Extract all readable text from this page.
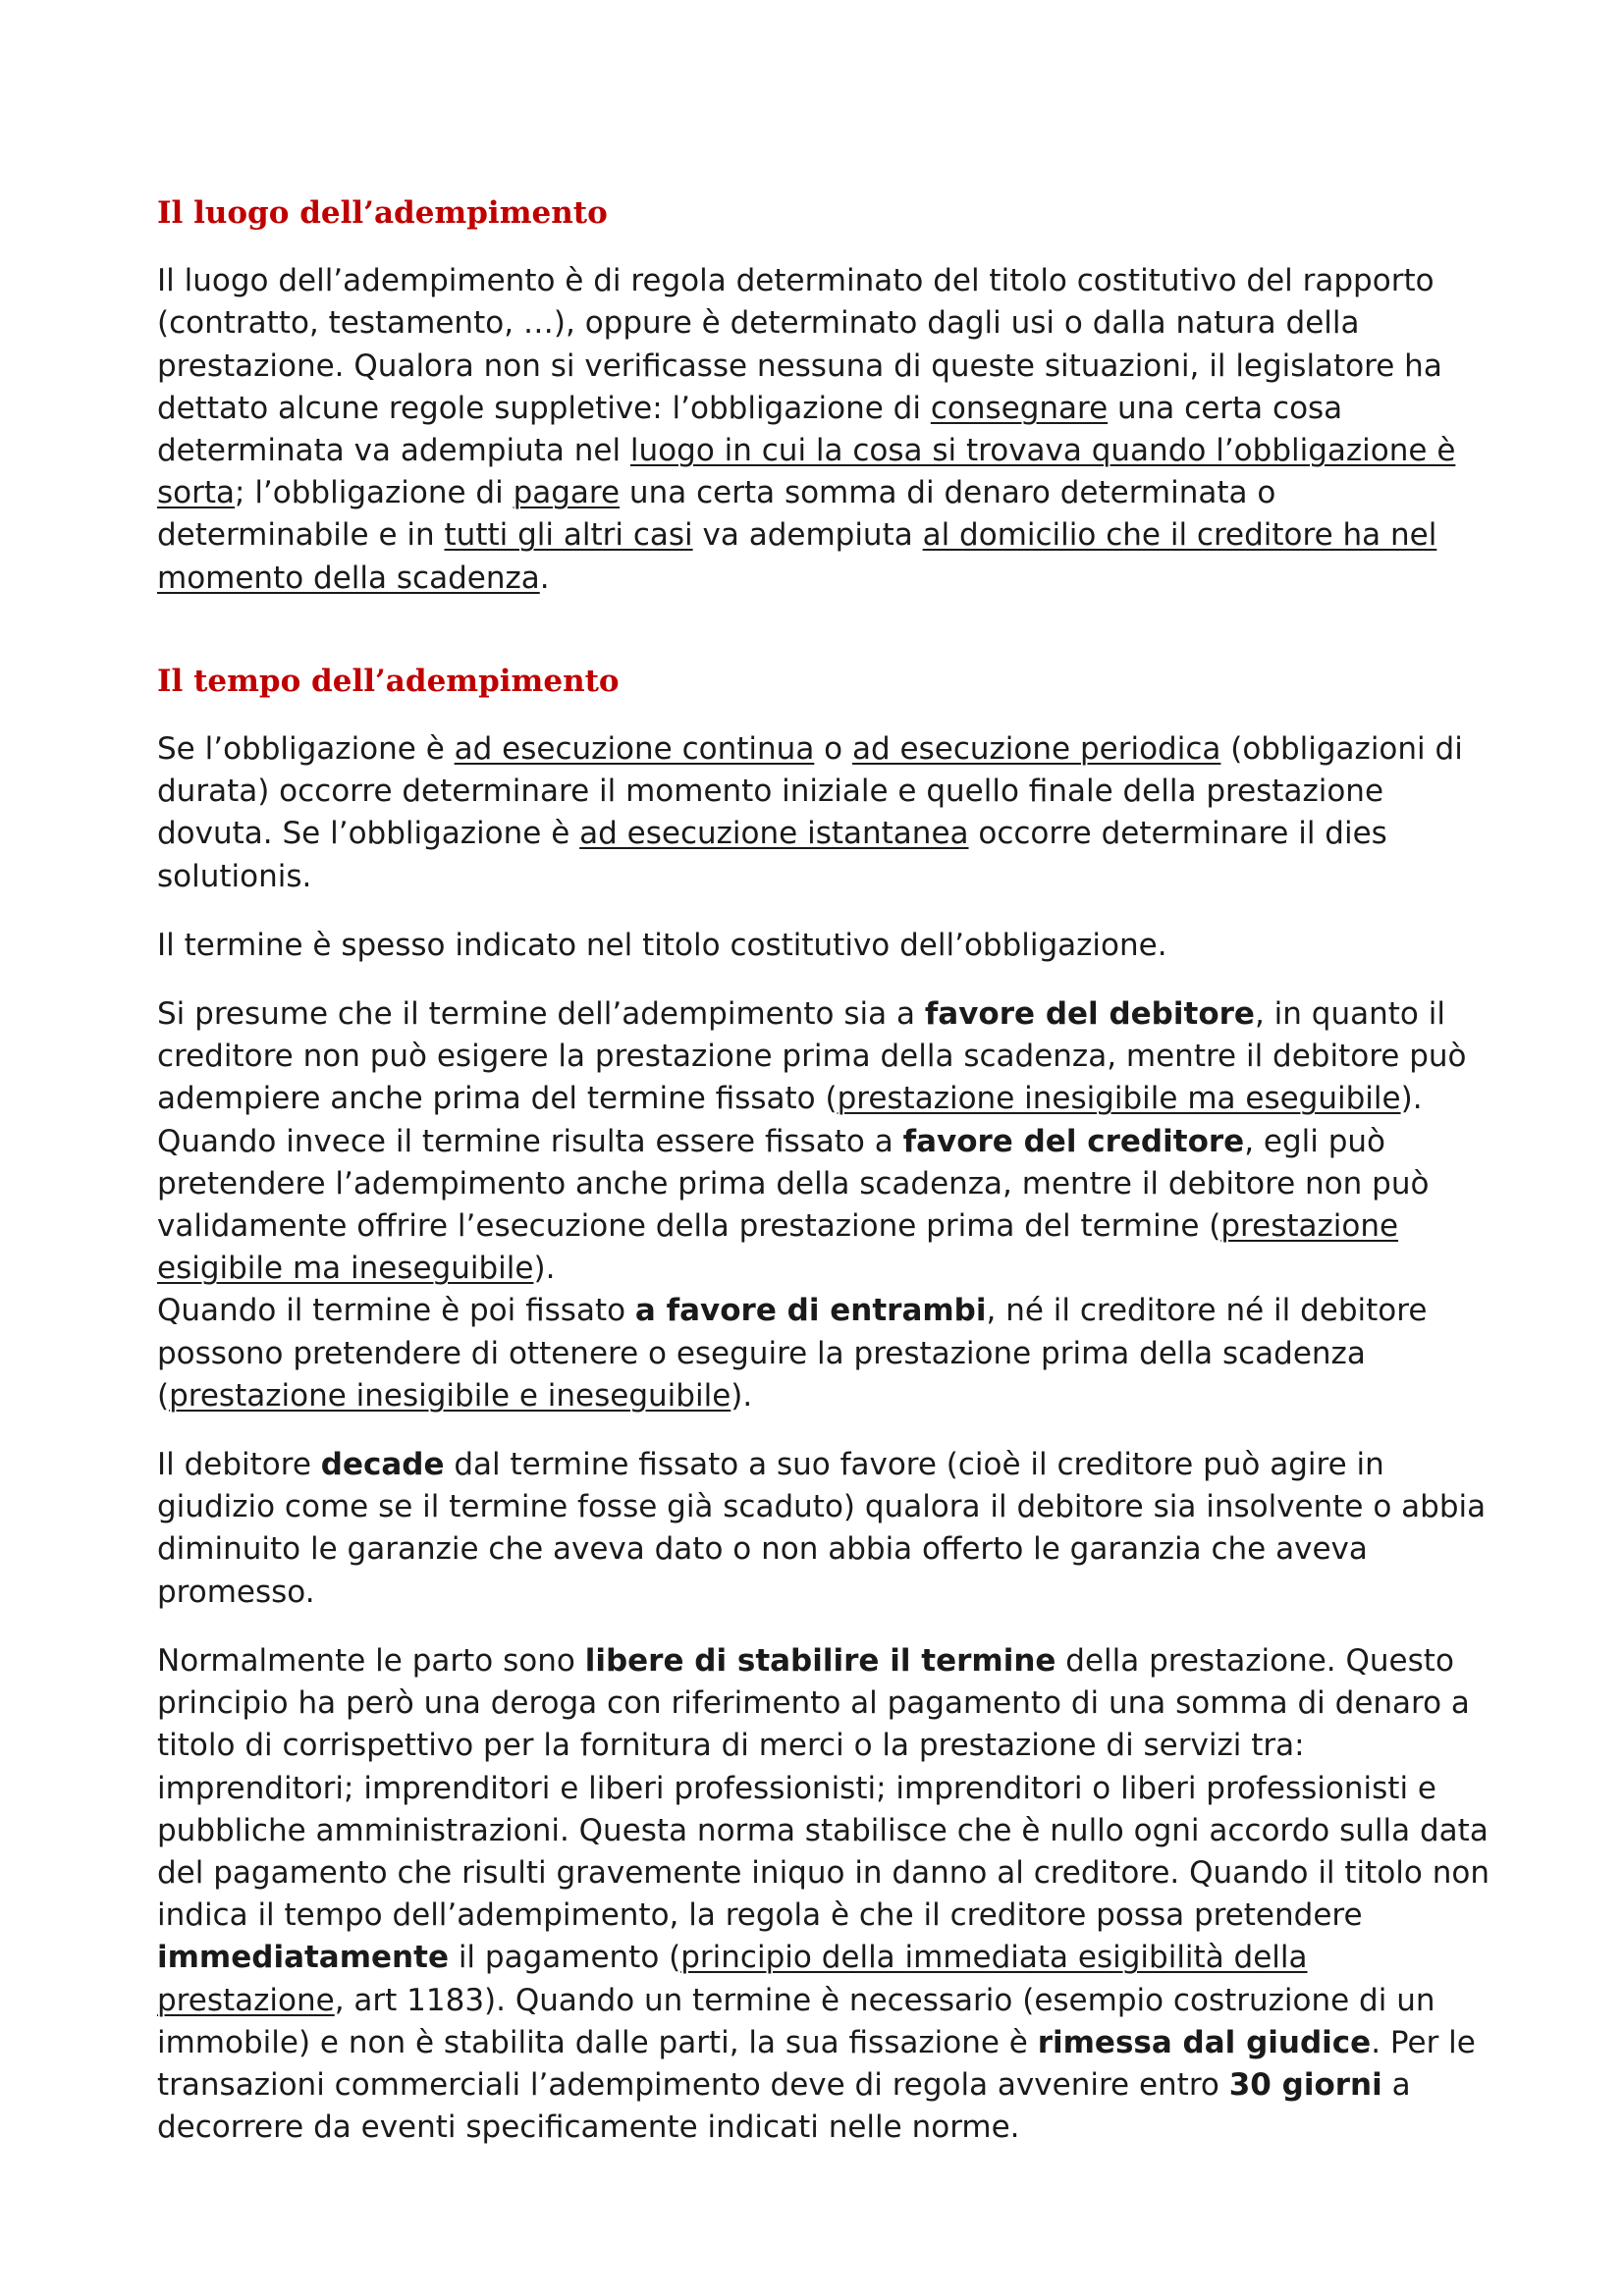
Il luogo dell’adempimento

Il luogo dell’adempimento è di regola determinato del titolo costitutivo del rapporto (contratto, testamento, …), oppure è determinato dagli usi o dalla natura della prestazione. Qualora non si verificasse nessuna di queste situazioni, il legislatore ha dettato alcune regole suppletive: l’obbligazione di consegnare una certa cosa determinata va adempiuta nel luogo in cui la cosa si trovava quando l’obbligazione è sorta; l’obbligazione di pagare una certa somma di denaro determinata o determinabile e in tutti gli altri casi va adempiuta al domicilio che il creditore ha nel momento della scadenza.

Il tempo dell’adempimento

Se l’obbligazione è ad esecuzione continua o ad esecuzione periodica (obbligazioni di durata) occorre determinare il momento iniziale e quello finale della prestazione dovuta. Se l’obbligazione è ad esecuzione istantanea occorre determinare il dies solutionis.

Il termine è spesso indicato nel titolo costitutivo dell’obbligazione.

Si presume che il termine dell’adempimento sia a favore del debitore, in quanto il creditore non può esigere la prestazione prima della scadenza, mentre il debitore può adempiere anche prima del termine fissato (prestazione inesigibile ma eseguibile).
Quando invece il termine risulta essere fissato a favore del creditore, egli può pretendere l’adempimento anche prima della scadenza, mentre il debitore non può validamente offrire l’esecuzione della prestazione prima del termine (prestazione esigibile ma ineseguibile).
Quando il termine è poi fissato a favore di entrambi, né il creditore né il debitore possono pretendere di ottenere o eseguire la prestazione prima della scadenza (prestazione inesigibile e ineseguibile).

Il debitore decade dal termine fissato a suo favore (cioè il creditore può agire in giudizio come se il termine fosse già scaduto) qualora il debitore sia insolvente o abbia diminuito le garanzie che aveva dato o non abbia offerto le garanzia che aveva promesso.

Normalmente le parto sono libere di stabilire il termine della prestazione. Questo principio ha però una deroga con riferimento al pagamento di una somma di denaro a titolo di corrispettivo per la fornitura di merci o la prestazione di servizi tra: imprenditori; imprenditori e liberi professionisti; imprenditori o liberi professionisti e pubbliche amministrazioni. Questa norma stabilisce che è nullo ogni accordo sulla data del pagamento che risulti gravemente iniquo in danno al creditore. Quando il titolo non indica il tempo dell’adempimento, la regola è che il creditore possa pretendere immediatamente il pagamento (principio della immediata esigibilità della prestazione, art 1183). Quando un termine è necessario (esempio costruzione di un immobile) e non è stabilita dalle parti, la sua fissazione è rimessa dal giudice. Per le transazioni commerciali l’adempimento deve di regola avvenire entro 30 giorni a decorrere da eventi specificamente indicati nelle norme.
